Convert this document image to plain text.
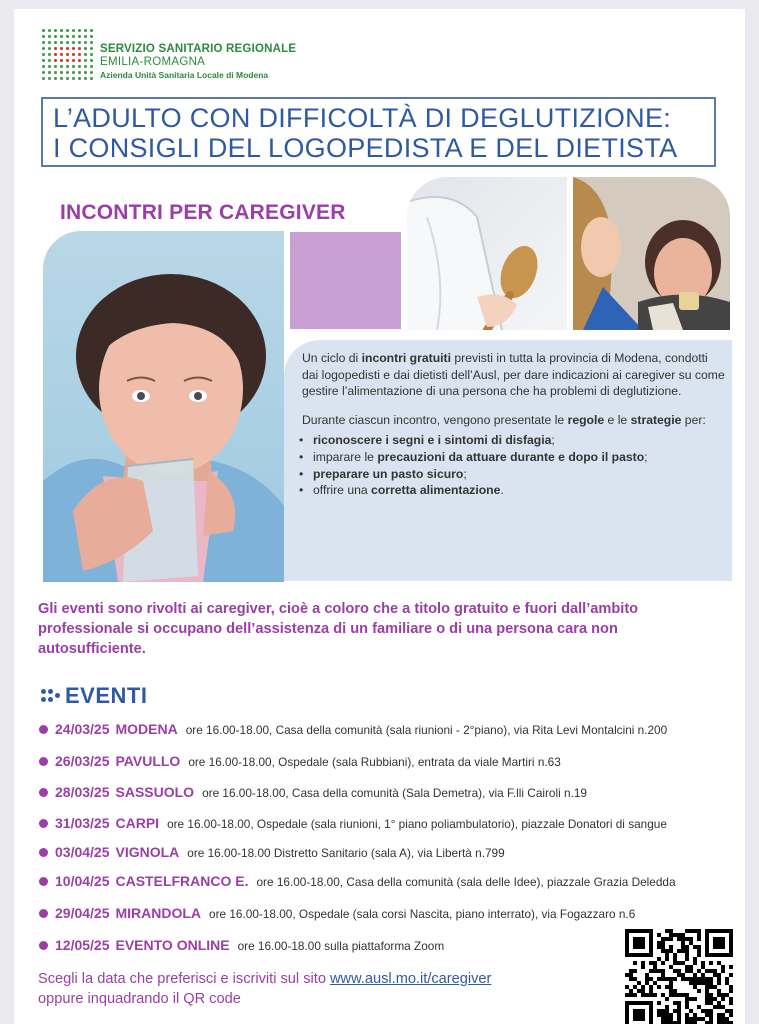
SERVIZIO SANITARIO REGIONALE
EMILIA-ROMAGNA
Azienda Unità Sanitaria Locale di Modena
L’ADULTO CON DIFFICOLTÀ DI DEGLUTIZIONE:
I CONSIGLI DEL LOGOPEDISTA E DEL DIETISTA
INCONTRI PER CAREGIVER

Un ciclo di incontri gratuiti previsti in tutta la provincia di Modena, condotti dai logopedisti e dai dietisti dell’Ausl, per dare indicazioni ai caregiver su come gestire l’alimentazione di una persona che ha problemi di deglutizione.

Durante ciascun incontro, vengono presentate le regole e le strategie per:

• riconoscere i segni e i sintomi di disfagia;
• imparare le precauzioni da attuare durante e dopo il pasto;
• preparare un pasto sicuro;
• offrire una corretta alimentazione.
Gli eventi sono rivolti ai caregiver, cioè a coloro che a titolo gratuito e fuori dall’ambito professionale si occupano dell’assistenza di un familiare o di una persona cara non autosufficiente.
EVENTI
24/03/25 MODENA ore 16.00-18.00, Casa della comunità (sala riunioni - 2°piano), via Rita Levi Montalcini n.200
26/03/25 PAVULLO ore 16.00-18.00, Ospedale (sala Rubbiani), entrata da viale Martiri n.63
28/03/25 SASSUOLO ore 16.00-18.00, Casa della comunità (Sala Demetra), via F.lli Cairoli n.19
31/03/25 CARPI ore 16.00-18.00, Ospedale (sala riunioni, 1° piano poliambulatorio), piazzale Donatori di sangue
03/04/25 VIGNOLA ore 16.00-18.00 Distretto Sanitario (sala A), via Libertà n.799
10/04/25 CASTELFRANCO E. ore 16.00-18.00, Casa della comunità (sala delle Idee), piazzale Grazia Deledda
29/04/25 MIRANDOLA ore 16.00-18.00, Ospedale (sala corsi Nascita, piano interrato), via Fogazzaro n.6
12/05/25 EVENTO ONLINE ore 16.00-18.00 sulla piattaforma Zoom
Scegli la data che preferisci e iscriviti sul sito www.ausl.mo.it/caregiver
oppure inquadrando il QR code
